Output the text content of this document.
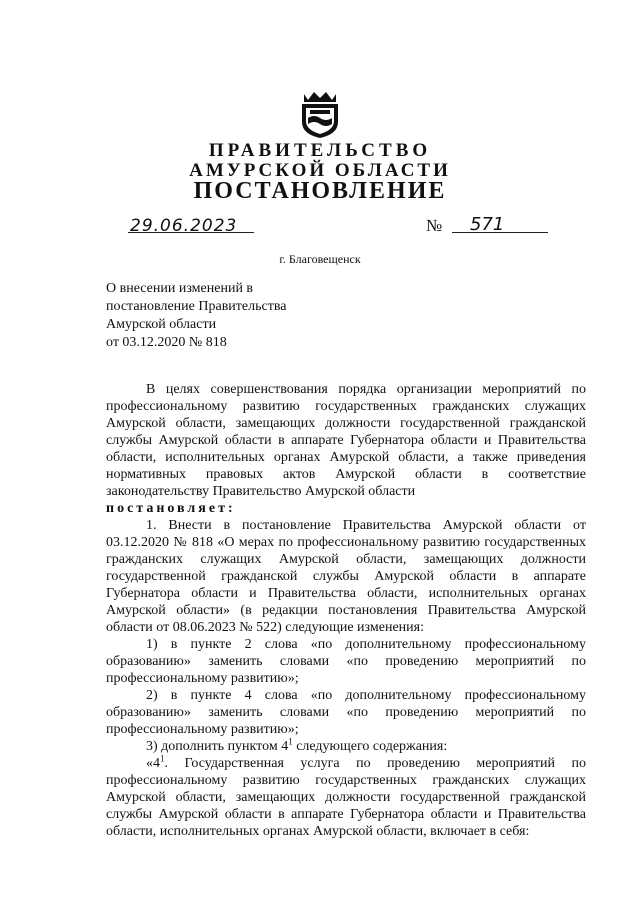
ПРАВИТЕЛЬСТВО
АМУРСКОЙ ОБЛАСТИ
ПОСТАНОВЛЕНИЕ
29.06.2023	№ 571
г. Благовещенск
О внесении изменений в
постановление Правительства
Амурской области
от 03.12.2020 № 818

В целях совершенствования порядка организации мероприятий по профессиональному развитию государственных гражданских служащих Амурской области, замещающих должности государственной гражданской службы Амурской области в аппарате Губернатора области и Правительства области, исполнительных органах Амурской области, а также приведения нормативных правовых актов Амурской области в соответствие законодательству Правительство Амурской области

постановляет:

1. Внести в постановление Правительства Амурской области от 03.12.2020 № 818 «О мерах по профессиональному развитию государственных гражданских служащих Амурской области, замещающих должности государственной гражданской службы Амурской области в аппарате Губернатора области и Правительства области, исполнительных органах Амурской области» (в редакции постановления Правительства Амурской области от 08.06.2023 № 522) следующие изменения:

1) в пункте 2 слова «по дополнительному профессиональному образованию» заменить словами «по проведению мероприятий по профессиональному развитию»;

2) в пункте 4 слова «по дополнительному профессиональному образованию» заменить словами «по проведению мероприятий по профессиональному развитию»;

3) дополнить пунктом $4^1$ следующего содержания:

«$4^1$. Государственная услуга по проведению мероприятий по профессиональному развитию государственных гражданских служащих Амурской области, замещающих должности государственной гражданской службы Амурской области в аппарате Губернатора области и Правительства области, исполнительных органах Амурской области, включает в себя:
